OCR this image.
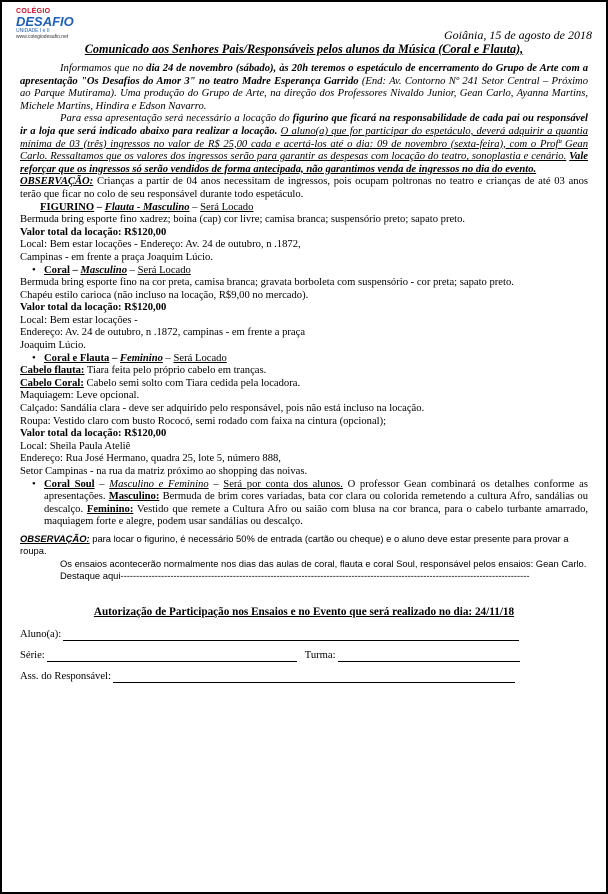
COLÉGIO
DESAFIO
UNIDADE I e II
www.colegiodesafio.net	Goiânia, 15 de agosto de 2018
Comunicado aos Senhores Pais/Responsáveis pelos alunos da Música (Coral e Flauta),

Informamos que no dia 24 de novembro (sábado), às 20h teremos o espetáculo de encerramento do Grupo de Arte com a apresentação "Os Desafios do Amor 3" no teatro Madre Esperança Garrido (End: Av. Contorno Nº 241 Setor Central – Próximo ao Parque Mutirama). Uma produção do Grupo de Arte, na direção dos Professores Nivaldo Junior, Gean Carlo, Ayanna Martins, Michele Martins, Hindira e Edson Navarro.

Para essa apresentação será necessário a locação do figurino que ficará na responsabilidade de cada pai ou responsável ir a loja que será indicado abaixo para realizar a locação. O aluno(a) que for participar do espetáculo, deverá adquirir a quantia mínima de 03 (três) ingressos no valor de R$ 25,00 cada e acertá-los até o dia: 09 de novembro (sexta-feira), com o Profª Gean Carlo. Ressaltamos que os valores dos ingressos serão para garantir as despesas com locação do teatro, sonoplastia e cenário. Vale reforçar que os ingressos só serão vendidos de forma antecipada, não garantimos venda de ingressos no dia do evento.

OBSERVAÇÃO: Crianças a partir de 04 anos necessitam de ingressos, pois ocupam poltronas no teatro e crianças de até 03 anos terão que ficar no colo de seu responsável durante todo espetáculo.

FIGURINO – Flauta - Masculino – Será Locado

Bermuda bring esporte fino xadrez; boina (cap) cor livre; camisa branca; suspensório preto; sapato preto.

Valor total da locação: R$120,00

Local: Bem estar locações - Endereço: Av. 24 de outubro, n .1872,

Campinas - em frente a praça Joaquim Lúcio.

• Coral – Masculino – Será Locado

Bermuda bring esporte fino na cor preta, camisa branca; gravata borboleta com suspensório - cor preta; sapato preto.

Chapéu estilo carioca (não incluso na locação, R$9,00 no mercado).

Valor total da locação: R$120,00

Local: Bem estar locações -

Endereço: Av. 24 de outubro, n .1872, campinas - em frente a praça

Joaquim Lúcio.

• Coral e Flauta – Feminino – Será Locado

Cabelo flauta: Tiara feita pelo próprio cabelo em tranças.

Cabelo Coral: Cabelo semi solto com Tiara cedida pela locadora.

Maquiagem: Leve opcional.

Calçado: Sandália clara - deve ser adquirido pelo responsável, pois não está incluso na locação.

Roupa: Vestido claro com busto Rococó, semi rodado com faixa na cintura (opcional);

Valor total da locação: R$120,00

Local: Sheila Paula Ateliê

Endereço: Rua José Hermano, quadra 25, lote 5, número 888,

Setor Campinas - na rua da matriz próximo ao shopping das noivas.

• Coral Soul – Masculino e Feminino – Será por conta dos alunos. O professor Gean combinará os detalhes conforme as apresentações. Masculino: Bermuda de brim cores variadas, bata cor clara ou colorida remetendo a cultura Afro, sandálias ou descalço. Feminino: Vestido que remete a Cultura Afro ou saião com blusa na cor branca, para o cabelo turbante amarrado, maquiagem forte e alegre, podem usar sandálias ou descalço.

OBSERVAÇÃO: para locar o figurino, é necessário 50% de entrada (cartão ou cheque) e o aluno deve estar presente para provar a roupa.

Os ensaios acontecerão normalmente nos dias das aulas de coral, flauta e coral Soul, responsável pelos ensaios: Gean Carlo.

Destaque aqui-----------------------------------------------------------------------------------------------------------------------------------

Autorização de Participação nos Ensaios e no Evento que será realizado no dia: 24/11/18
Aluno(a):
Série:	Turma:
Ass. do Responsável:
